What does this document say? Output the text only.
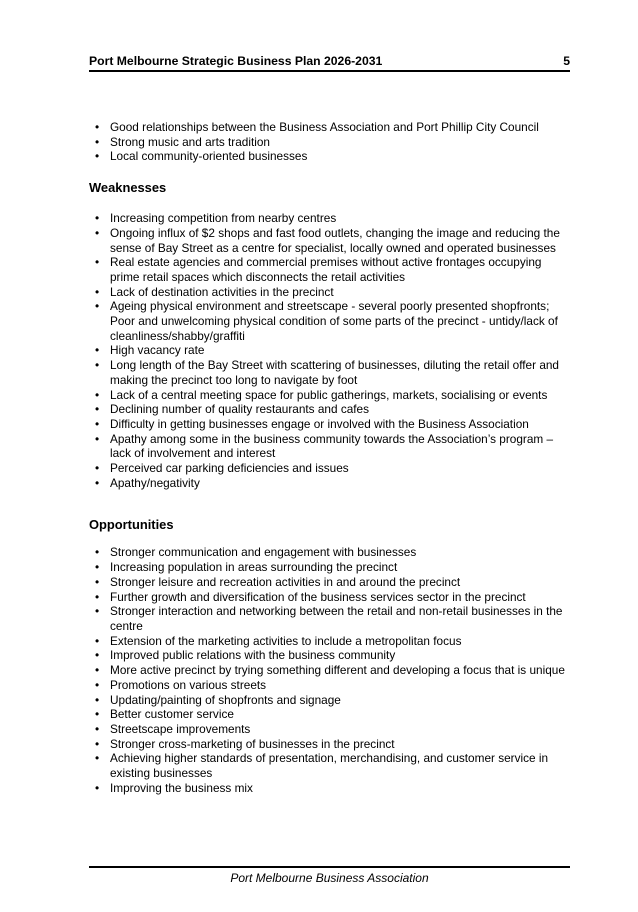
Port Melbourne Strategic Business Plan 2026-2031	5
• Good relationships between the Business Association and Port Phillip City Council
• Strong music and arts tradition
• Local community-oriented businesses
Weaknesses
• Increasing competition from nearby centres
• Ongoing influx of $2 shops and fast food outlets, changing the image and reducing the sense of Bay Street as a centre for specialist, locally owned and operated businesses
• Real estate agencies and commercial premises without active frontages occupying prime retail spaces which disconnects the retail activities
• Lack of destination activities in the precinct
• Ageing physical environment and streetscape - several poorly presented shopfronts; Poor and unwelcoming physical condition of some parts of the precinct - untidy/lack of cleanliness/shabby/graffiti
• High vacancy rate
• Long length of the Bay Street with scattering of businesses, diluting the retail offer and making the precinct too long to navigate by foot
• Lack of a central meeting space for public gatherings, markets, socialising or events
• Declining number of quality restaurants and cafes
• Difficulty in getting businesses engage or involved with the Business Association
• Apathy among some in the business community towards the Association’s program – lack of involvement and interest
• Perceived car parking deficiencies and issues
• Apathy/negativity
Opportunities
• Stronger communication and engagement with businesses
• Increasing population in areas surrounding the precinct
• Stronger leisure and recreation activities in and around the precinct
• Further growth and diversification of the business services sector in the precinct
• Stronger interaction and networking between the retail and non-retail businesses in the centre
• Extension of the marketing activities to include a metropolitan focus
• Improved public relations with the business community
• More active precinct by trying something different and developing a focus that is unique
• Promotions on various streets
• Updating/painting of shopfronts and signage
• Better customer service
• Streetscape improvements
• Stronger cross-marketing of businesses in the precinct
• Achieving higher standards of presentation, merchandising, and customer service in existing businesses
• Improving the business mix
Port Melbourne Business Association
